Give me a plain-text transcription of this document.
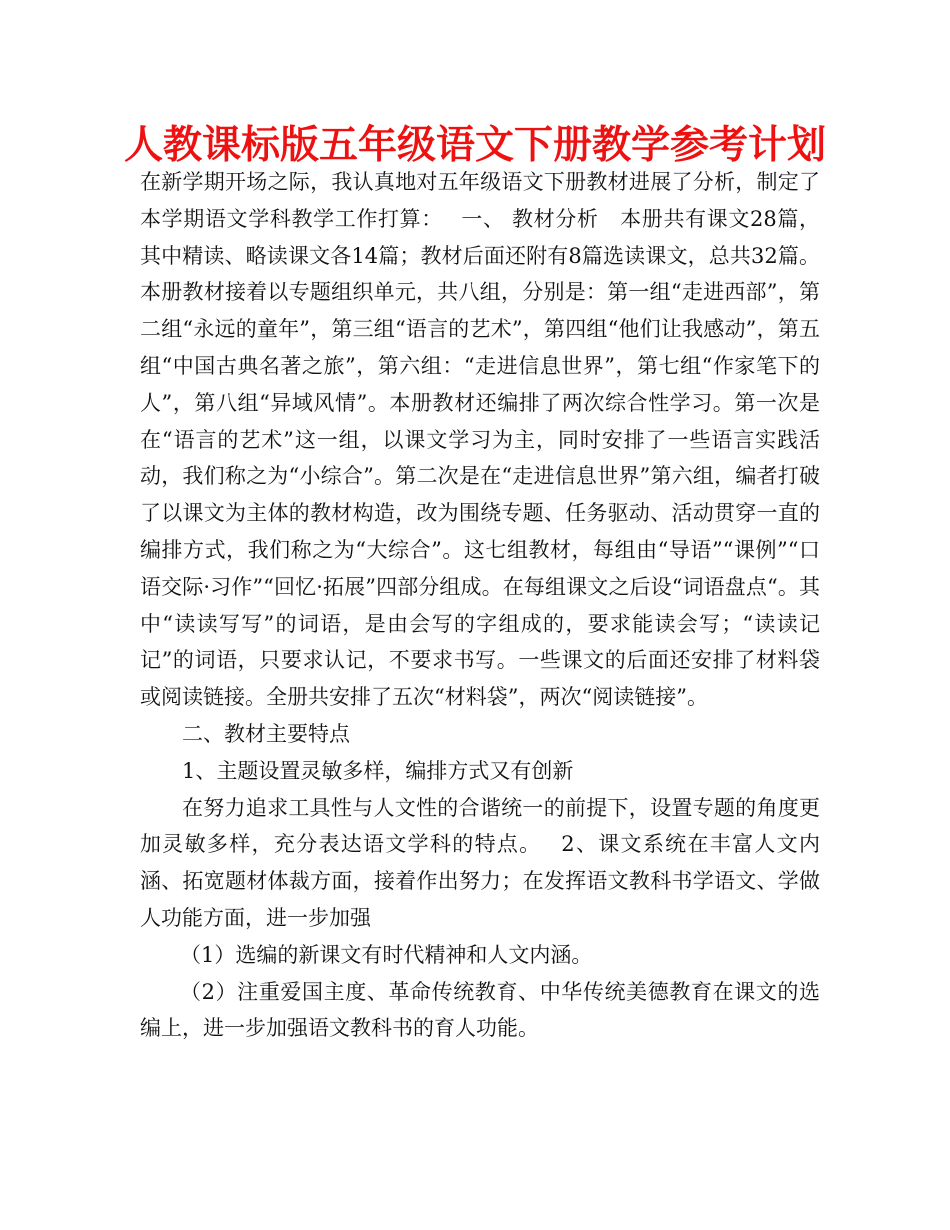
人教课标版五年级语文下册教学参考计划

在新学期开场之际，我认真地对五年级语文下册教材进展了分析，制定了本学期语文学科教学工作打算：　 一、 教材分析　本册共有课文28篇，其中精读、略读课文各14篇；教材后面还附有8篇选读课文，总共32篇。本册教材接着以专题组织单元，共八组，分别是：第一组“走进西部”，第二组“永远的童年”，第三组“语言的艺术”，第四组“他们让我感动”，第五组“中国古典名著之旅”，第六组：“走进信息世界”，第七组“作家笔下的人”，第八组“异域风情”。本册教材还编排了两次综合性学习。第一次是在“语言的艺术”这一组，以课文学习为主，同时安排了一些语言实践活动，我们称之为“小综合”。第二次是在“走进信息世界”第六组，编者打破了以课文为主体的教材构造，改为围绕专题、任务驱动、活动贯穿一直的编排方式，我们称之为“大综合”。这七组教材，每组由“导语”“课例”“口语交际·习作”“回忆·拓展”四部分组成。在每组课文之后设“词语盘点“。其中“读读写写”的词语，是由会写的字组成的，要求能读会写；“读读记记”的词语，只要求认记，不要求书写。一些课文的后面还安排了材料袋或阅读链接。全册共安排了五次“材料袋”，两次“阅读链接”。

二、教材主要特点

1、主题设置灵敏多样，编排方式又有创新

在努力追求工具性与人文性的合谐统一的前提下，设置专题的角度更加灵敏多样，充分表达语文学科的特点。　 2、课文系统在丰富人文内涵、拓宽题材体裁方面，接着作出努力；在发挥语文教科书学语文、学做人功能方面，进一步加强

（1）选编的新课文有时代精神和人文内涵。

（2）注重爱国主度、革命传统教育、中华传统美德教育在课文的选编上，进一步加强语文教科书的育人功能。
